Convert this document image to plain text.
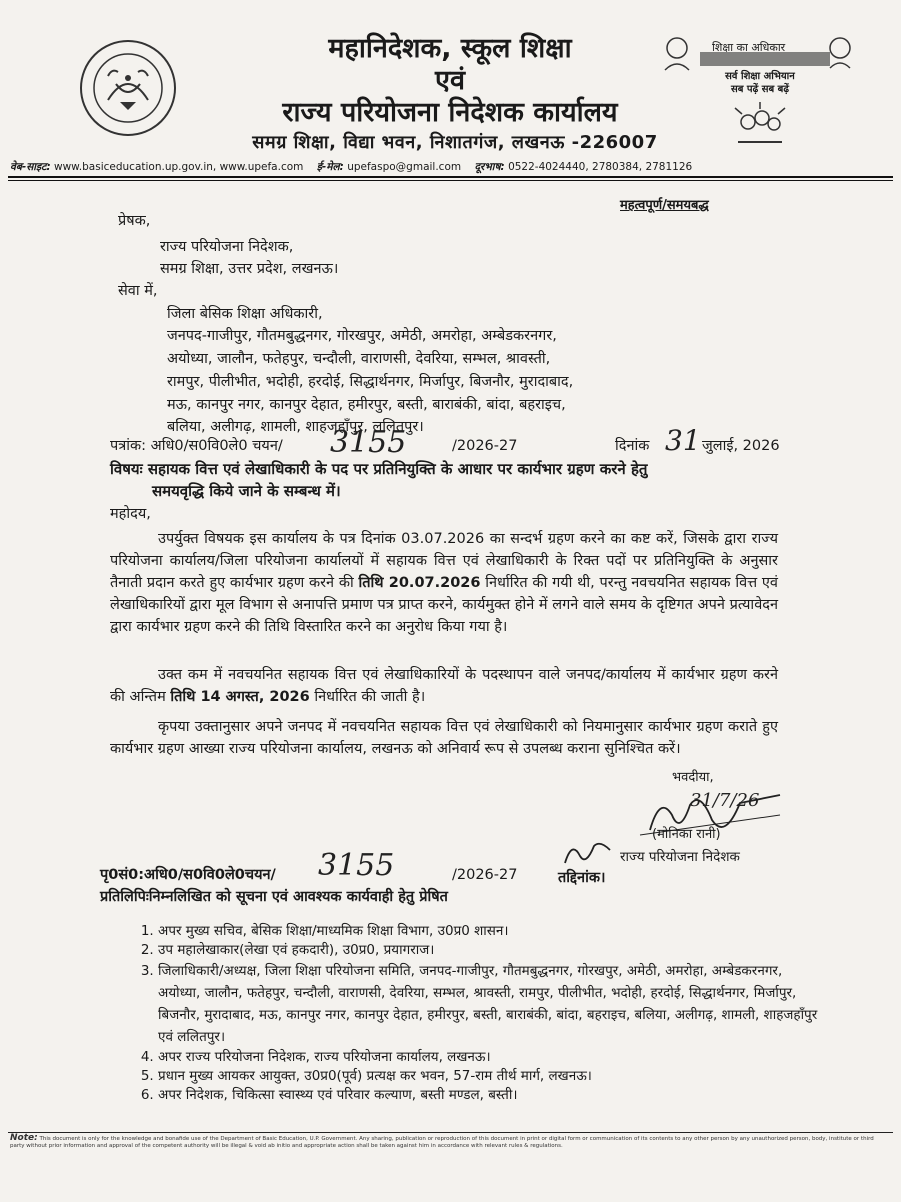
महानिदेशक, स्कूल शिक्षा
एवं
राज्य परियोजना निदेशक कार्यालय
समग्र शिक्षा, विद्या भवन, निशातगंज, लखनऊ -226007
शिक्षा का अधिकार
सर्व शिक्षा अभियान
सब पढ़ें सब बढ़ें
वेब-साइट: www.basiceducation.up.gov.in, www.upefa.com ई-मेल: upefaspo@gmail.com दूरभाष: 0522-4024440, 2780384, 2781126
महत्वपूर्ण/समयबद्ध
प्रेषक,
राज्य परियोजना निदेशक,
समग्र शिक्षा, उत्तर प्रदेश, लखनऊ।
सेवा में,
जिला बेसिक शिक्षा अधिकारी,
जनपद-गाजीपुर, गौतमबुद्धनगर, गोरखपुर, अमेठी, अमरोहा, अम्बेडकरनगर,
अयोध्या, जालौन, फतेहपुर, चन्दौली, वाराणसी, देवरिया, सम्भल, श्रावस्ती,
रामपुर, पीलीभीत, भदोही, हरदोई, सिद्धार्थनगर, मिर्जापुर, बिजनौर, मुरादाबाद,
मऊ, कानपुर नगर, कानपुर देहात, हमीरपुर, बस्ती, बाराबंकी, बांदा, बहराइच,
बलिया, अलीगढ़, शामली, शाहजहाँपुर, ललितपुर।
पत्रांक: अधि0/स0वि0ले0 चयन/ 3155	/2026-27	दिनांक 31 जुलाई, 2026
विषयः सहायक वित्त एवं लेखाधिकारी के पद पर प्रतिनियुक्ति के आधार पर कार्यभार ग्रहण करने हेतु
समयवृद्धि किये जाने के सम्बन्ध में।
महोदय,
उपर्युक्त विषयक इस कार्यालय के पत्र दिनांक 03.07.2026 का सन्दर्भ ग्रहण करने का कष्ट करें, जिसके द्वारा राज्य परियोजना कार्यालय/जिला परियोजना कार्यालयों में सहायक वित्त एवं लेखाधिकारी के रिक्त पदों पर प्रतिनियुक्ति के अनुसार तैनाती प्रदान करते हुए कार्यभार ग्रहण करने की तिथि 20.07.2026 निर्धारित की गयी थी, परन्तु नवचयनित सहायक वित्त एवं लेखाधिकारियों द्वारा मूल विभाग से अनापत्ति प्रमाण पत्र प्राप्त करने, कार्यमुक्त होने में लगने वाले समय के दृष्टिगत अपने प्रत्यावेदन द्वारा कार्यभार ग्रहण करने की तिथि विस्तारित करने का अनुरोध किया गया है।
उक्त कम में नवचयनित सहायक वित्त एवं लेखाधिकारियों के पदस्थापन वाले जनपद/कार्यालय में कार्यभार ग्रहण करने की अन्तिम तिथि 14 अगस्त, 2026 निर्धारित की जाती है।
कृपया उक्तानुसार अपने जनपद में नवचयनित सहायक वित्त एवं लेखाधिकारी को नियमानुसार कार्यभार ग्रहण कराते हुए कार्यभार ग्रहण आख्या राज्य परियोजना कार्यालय, लखनऊ को अनिवार्य रूप से उपलब्ध कराना सुनिश्चित करें।
भवदीया,
31/7/26
(मोनिका रानी)
राज्य परियोजना निदेशक
पृ0सं0:अधि0/स0वि0ले0चयन/ 3155	/2026-27	तद्दिनांक।
प्रतिलिपिःनिम्नलिखित को सूचना एवं आवश्यक कार्यवाही हेतु प्रेषित
1. अपर मुख्य सचिव, बेसिक शिक्षा/माध्यमिक शिक्षा विभाग, उ0प्र0 शासन।
2. उप महालेखाकार(लेखा एवं हकदारी), उ0प्र0, प्रयागराज।
3. जिलाधिकारी/अध्यक्ष, जिला शिक्षा परियोजना समिति, जनपद-गाजीपुर, गौतमबुद्धनगर, गोरखपुर, अमेठी, अमरोहा, अम्बेडकरनगर, अयोध्या, जालौन, फतेहपुर, चन्दौली, वाराणसी, देवरिया, सम्भल, श्रावस्ती, रामपुर, पीलीभीत, भदोही, हरदोई, सिद्धार्थनगर, मिर्जापुर, बिजनौर, मुरादाबाद, मऊ, कानपुर नगर, कानपुर देहात, हमीरपुर, बस्ती, बाराबंकी, बांदा, बहराइच, बलिया, अलीगढ़, शामली, शाहजहाँपुर एवं ललितपुर।
4. अपर राज्य परियोजना निदेशक, राज्य परियोजना कार्यालय, लखनऊ।
5. प्रधान मुख्य आयकर आयुक्त, उ0प्र0(पूर्व) प्रत्यक्ष कर भवन, 57-राम तीर्थ मार्ग, लखनऊ।
6. अपर निदेशक, चिकित्सा स्वास्थ्य एवं परिवार कल्याण, बस्ती मण्डल, बस्ती।
Note: This document is only for the knowledge and bonafide use of the Department of Basic Education, U.P. Government. Any sharing, publication or reproduction of this document in print or digital form or communication of its contents to any other person by any unauthorized person, body, institute or third party without prior information and approval of the competent authority will be illegal & void ab initio and appropriate action shall be taken against him in accordance with relevant rules & regulations.
